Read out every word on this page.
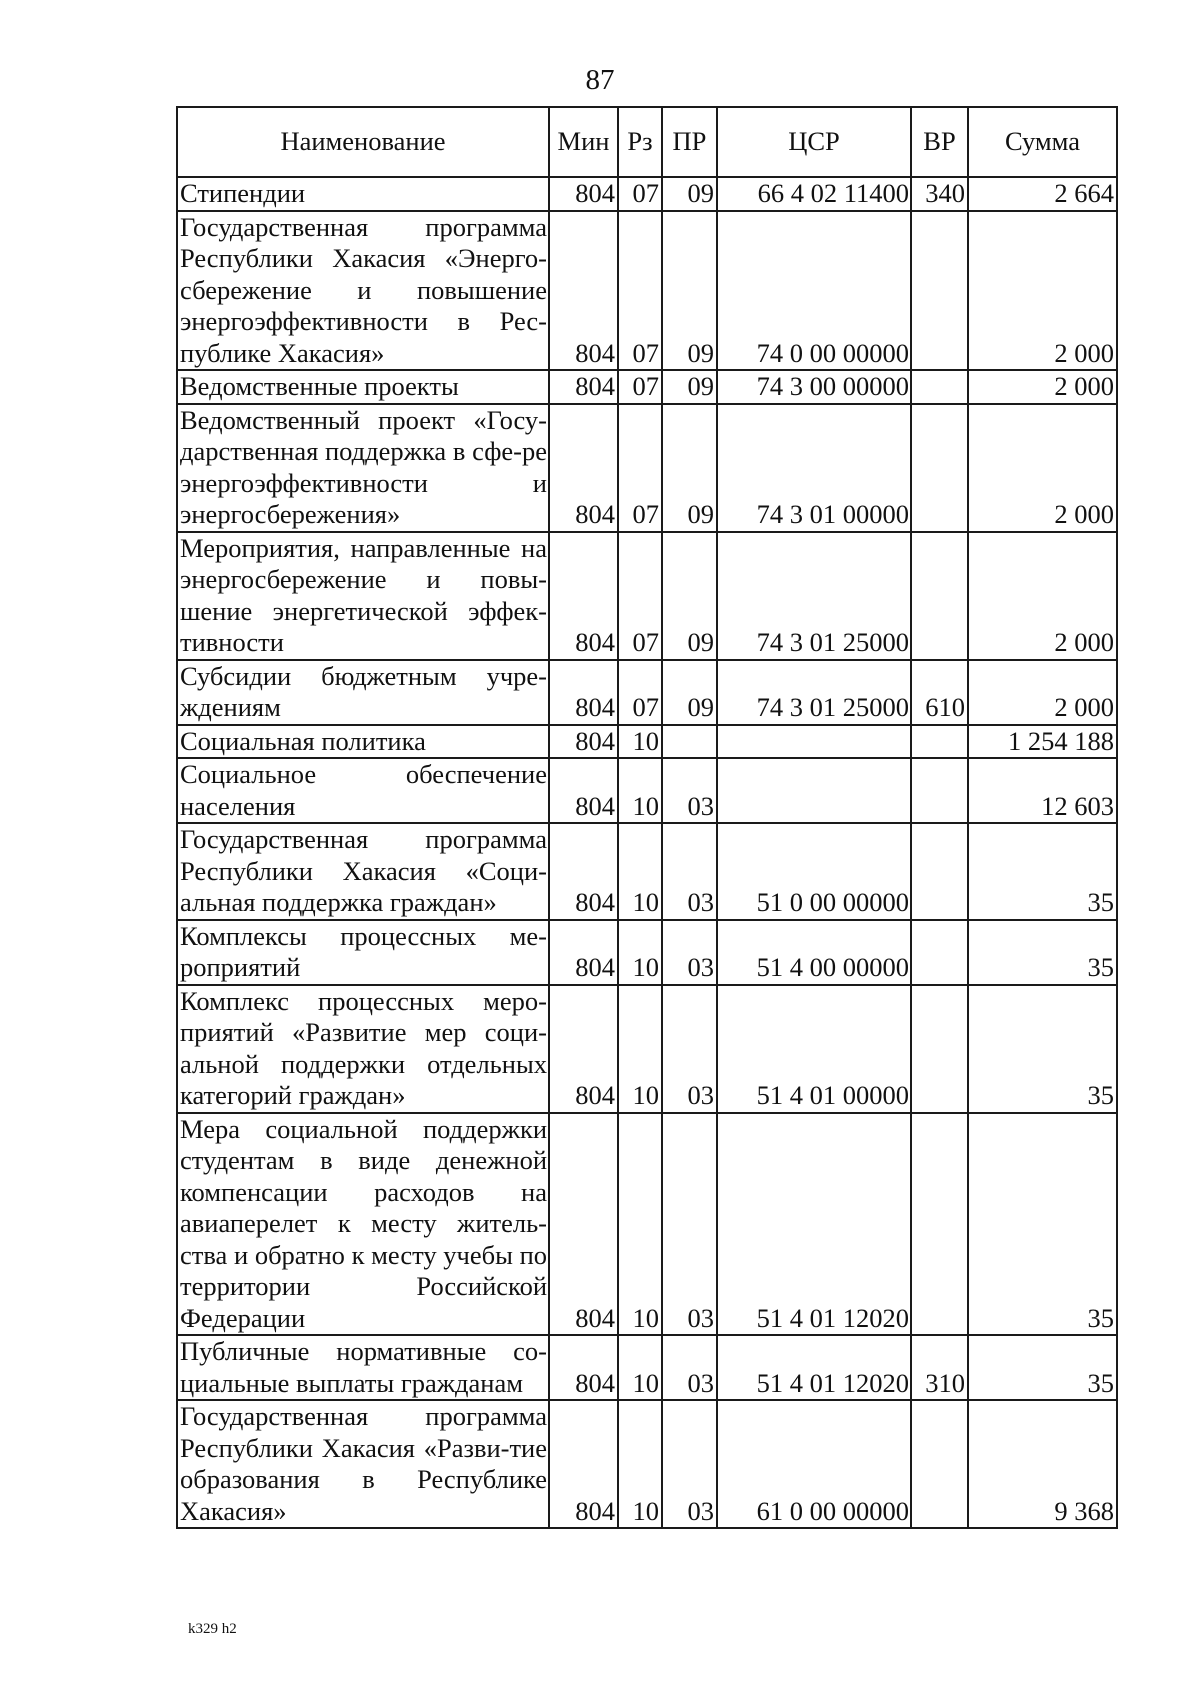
87
Наименование	Мин	Рз	ПР	ЦСР	ВР	Сумма
Стипендии	804	07	09	66 4 02 11400	340	2 664
Государственная программа Республики Хакасия «Энерго-сбережение и повышение энергоэффективности в Рес-публике Хакасия»	804	07	09	74 0 00 00000		2 000
Ведомственные проекты	804	07	09	74 3 00 00000		2 000
Ведомственный проект «Госу-дарственная поддержка в сфе-ре энергоэффективности и энергосбережения»	804	07	09	74 3 01 00000		2 000
Мероприятия, направленные на энергосбережение и повы-шение энергетической эффек-тивности	804	07	09	74 3 01 25000		2 000
Субсидии бюджетным учре-ждениям	804	07	09	74 3 01 25000	610	2 000
Социальная политика	804	10				1 254 188
Социальное обеспечение населения	804	10	03			12 603
Государственная программа Республики Хакасия «Соци-альная поддержка граждан»	804	10	03	51 0 00 00000		35
Комплексы процессных ме-роприятий	804	10	03	51 4 00 00000		35
Комплекс процессных меро-приятий «Развитие мер соци-альной поддержки отдельных категорий граждан»	804	10	03	51 4 01 00000		35
Мера социальной поддержки студентам в виде денежной компенсации расходов на авиаперелет к месту житель-ства и обратно к месту учебы по территории Российской Федерации	804	10	03	51 4 01 12020		35
Публичные нормативные со-циальные выплаты гражданам	804	10	03	51 4 01 12020	310	35
Государственная программа Республики Хакасия «Разви-тие образования в Республике Хакасия»	804	10	03	61 0 00 00000		9 368
k329 h2
